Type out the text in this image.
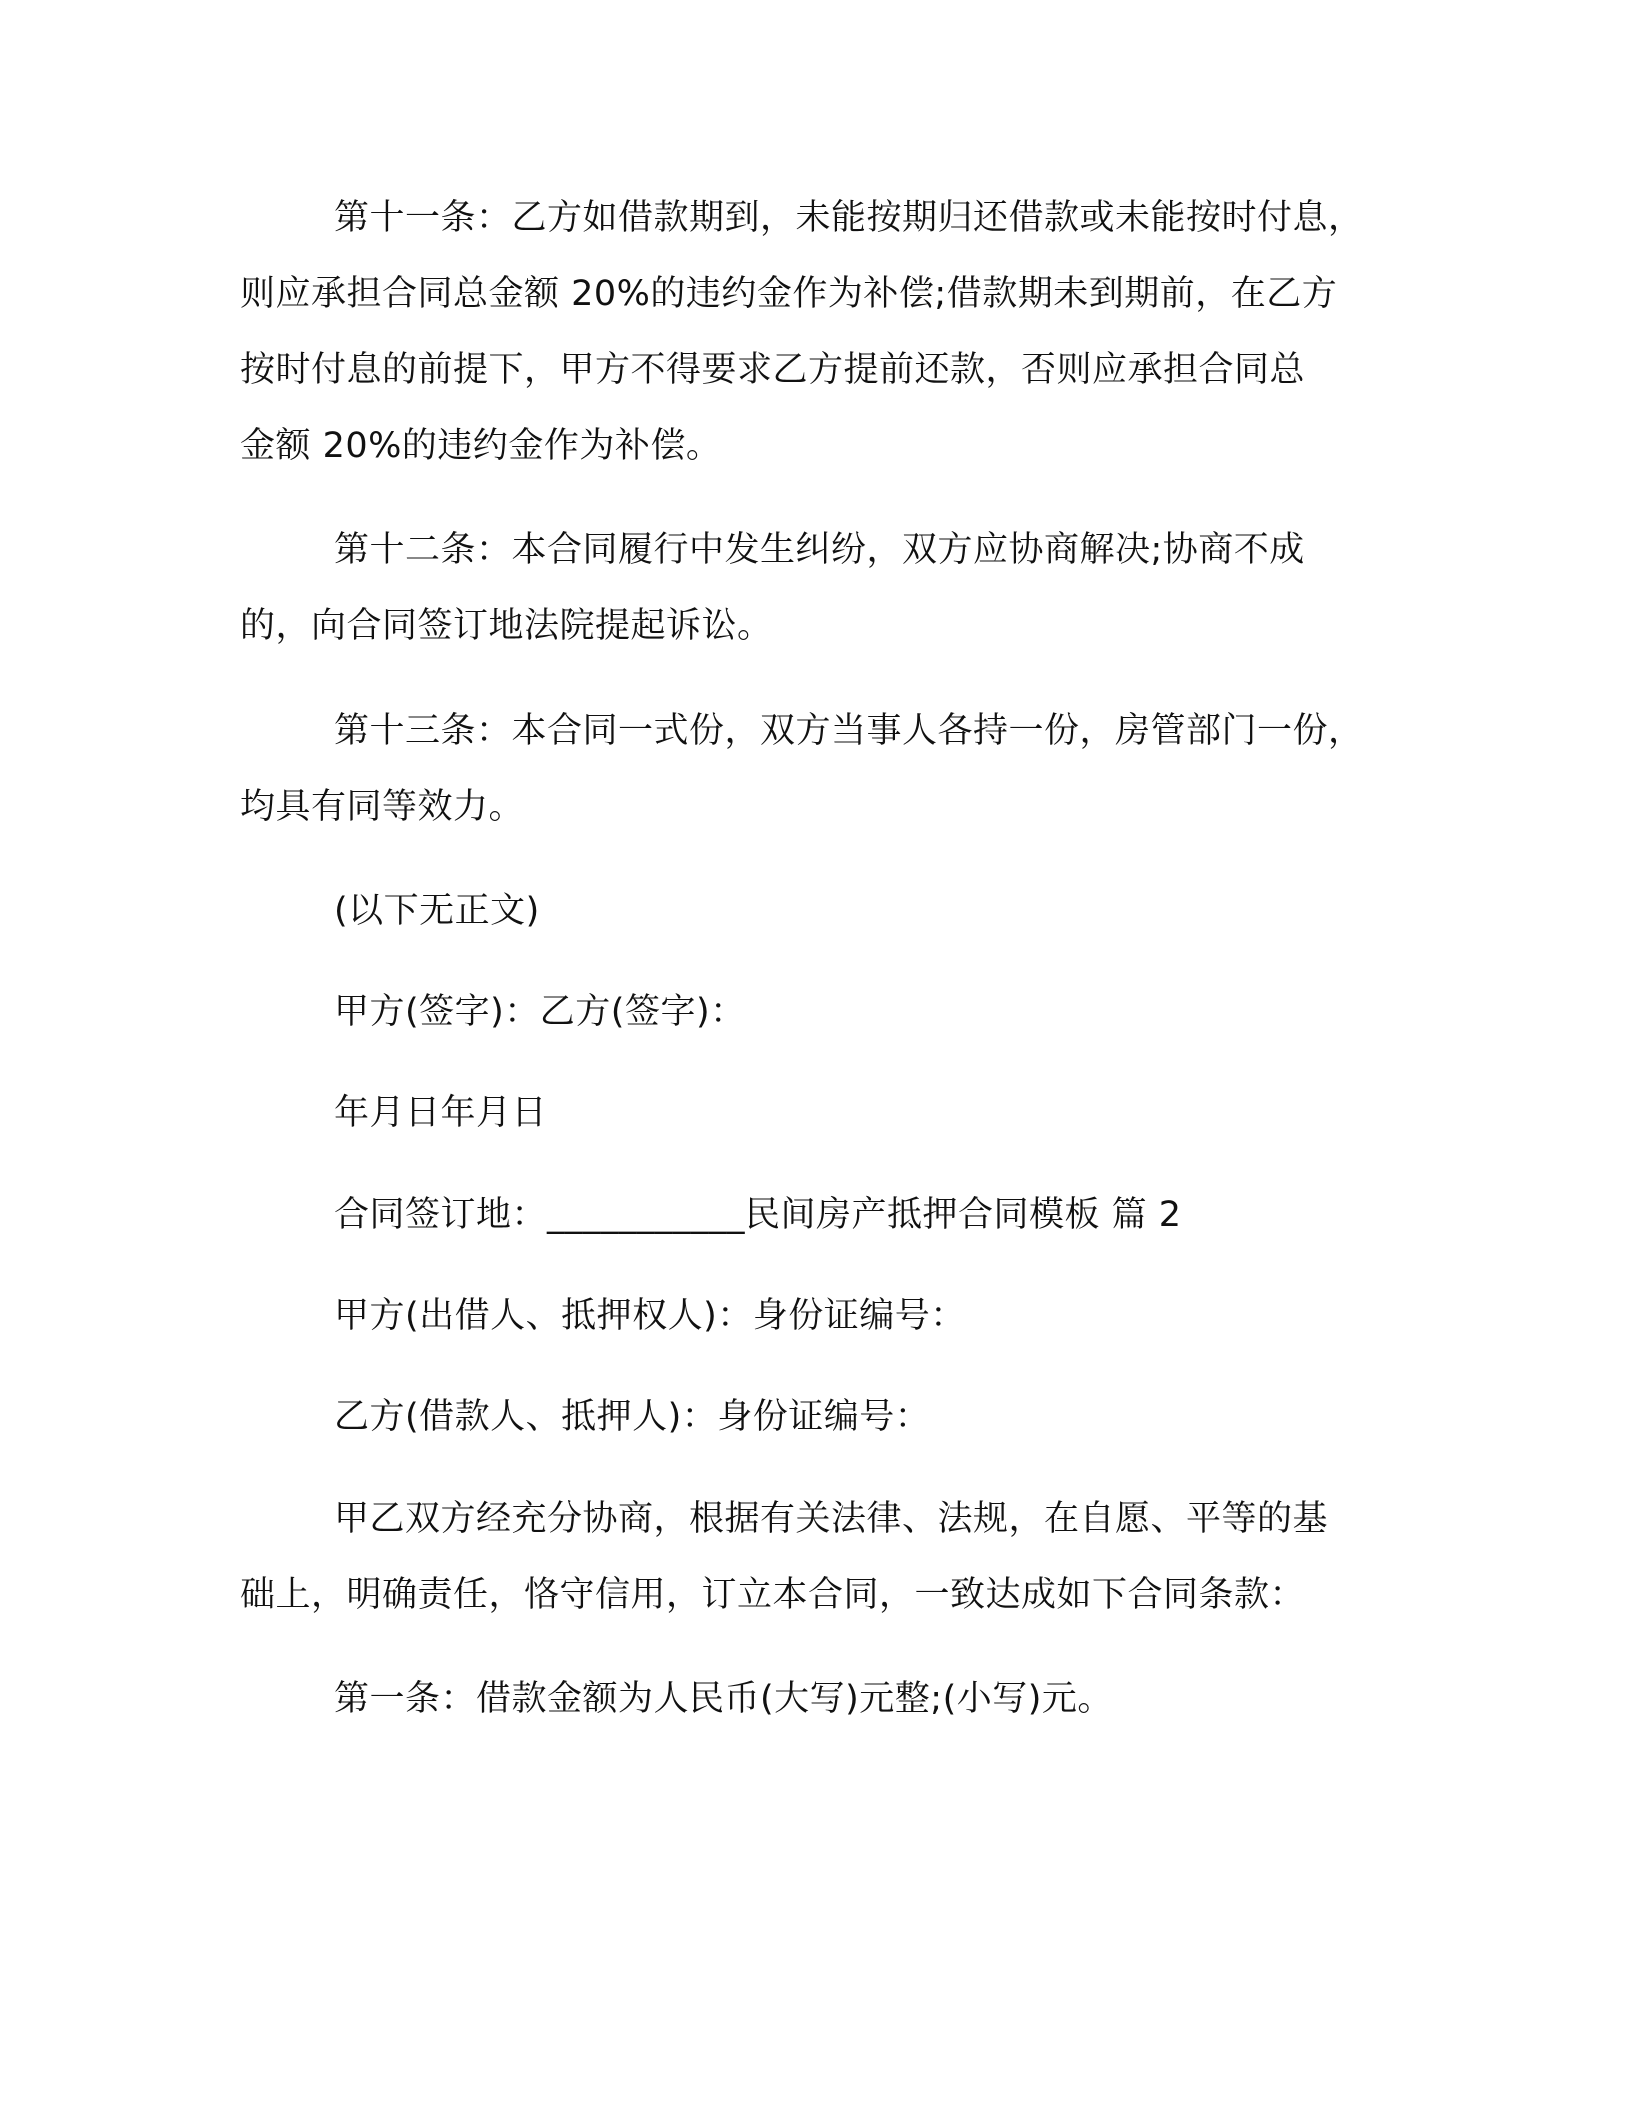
第十一条：乙方如借款期到，未能按期归还借款或未能按时付息，

则应承担合同总金额 20%的违约金作为补偿;借款期未到期前，在乙方

按时付息的前提下，甲方不得要求乙方提前还款，否则应承担合同总

金额 20%的违约金作为补偿。

第十二条：本合同履行中发生纠纷，双方应协商解决;协商不成

的，向合同签订地法院提起诉讼。

第十三条：本合同一式份，双方当事人各持一份，房管部门一份，

均具有同等效力。

(以下无正文)

甲方(签字)：乙方(签字)：

年月日年月日

合同签订地：___________民间房产抵押合同模板 篇 2

甲方(出借人、抵押权人)：身份证编号：

乙方(借款人、抵押人)：身份证编号：

甲乙双方经充分协商，根据有关法律、法规，在自愿、平等的基

础上，明确责任，恪守信用，订立本合同，一致达成如下合同条款：

第一条：借款金额为人民币(大写)元整;(小写)元。
